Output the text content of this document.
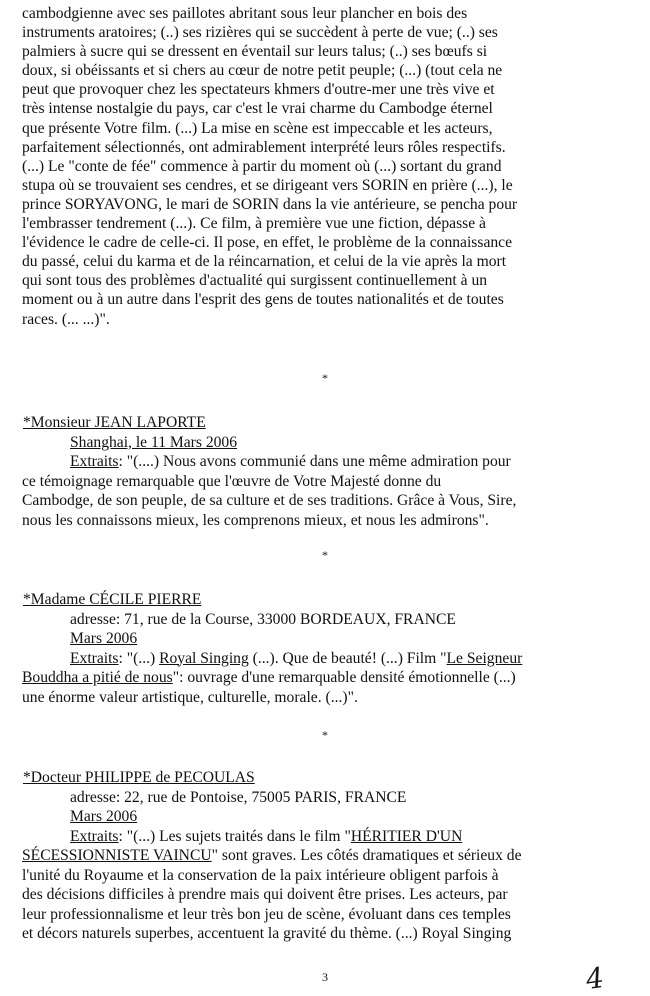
cambodgienne avec ses paillotes abritant sous leur plancher en bois des

instruments aratoires; (..) ses rizières qui se succèdent à perte de vue; (..) ses

palmiers à sucre qui se dressent en éventail sur leurs talus; (..) ses bœufs si

doux, si obéissants et si chers au cœur de notre petit peuple; (...) (tout cela ne

peut que provoquer chez les spectateurs khmers d'outre-mer une très vive et

très intense nostalgie du pays, car c'est le vrai charme du Cambodge éternel

que présente Votre film. (...) La mise en scène est impeccable et les acteurs,

parfaitement sélectionnés, ont admirablement interprété leurs rôles respectifs.

(...) Le "conte de fée" commence à partir du moment où (...) sortant du grand

stupa où se trouvaient ses cendres, et se dirigeant vers SORIN en prière (...), le

prince SORYAVONG, le mari de SORIN dans la vie antérieure, se pencha pour

l'embrasser tendrement (...). Ce film, à première vue une fiction, dépasse à

l'évidence le cadre de celle-ci. Il pose, en effet, le problème de la connaissance

du passé, celui du karma et de la réincarnation, et celui de la vie après la mort

qui sont tous des problèmes d'actualité qui surgissent continuellement à un

moment ou à un autre dans l'esprit des gens de toutes nationalités et de toutes

races. (... ...)".

*
*Monsieur JEAN LAPORTE
Shanghai, le 11 Mars 2006
Extraits: "(....) Nous avons communié dans une même admiration pour
ce témoignage remarquable que l'œuvre de Votre Majesté donne du
Cambodge, de son peuple, de sa culture et de ses traditions. Grâce à Vous, Sire,
nous les connaissons mieux, les comprenons mieux, et nous les admirons".
*
*Madame CÉCILE PIERRE
adresse: 71, rue de la Course, 33000 BORDEAUX, FRANCE
Mars 2006
Extraits: "(...) Royal Singing (...). Que de beauté! (...) Film "Le Seigneur
Bouddha a pitié de nous": ouvrage d'une remarquable densité émotionnelle (...)
une énorme valeur artistique, culturelle, morale. (...)".
*
*Docteur PHILIPPE de PECOULAS
adresse: 22, rue de Pontoise, 75005 PARIS, FRANCE
Mars 2006
Extraits: "(...) Les sujets traités dans le film "HÉRITIER D'UN
SÉCESSIONNISTE VAINCU" sont graves. Les côtés dramatiques et sérieux de
l'unité du Royaume et la conservation de la paix intérieure obligent parfois à
des décisions difficiles à prendre mais qui doivent être prises. Les acteurs, par
leur professionnalisme et leur très bon jeu de scène, évoluant dans ces temples
et décors naturels superbes, accentuent la gravité du thème. (...) Royal Singing
3	4
